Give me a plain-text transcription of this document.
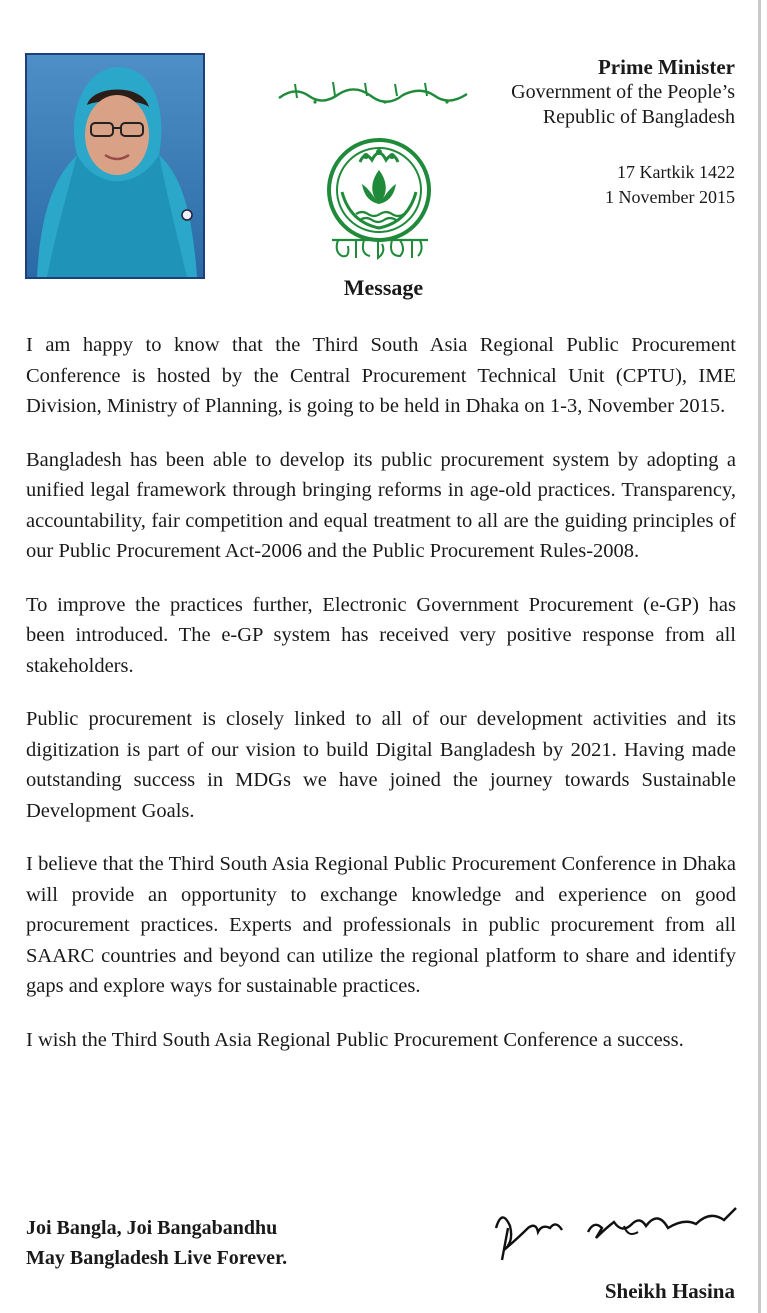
Prime Minister
Government of the People’s
Republic of Bangladesh
17 Kartkik 1422
1 November 2015
Message

I am happy to know that the Third South Asia Regional Public Procurement Conference is hosted by the Central Procurement Technical Unit (CPTU), IME Division, Ministry of Planning, is going to be held in Dhaka on 1-3, November 2015.

Bangladesh has been able to develop its public procurement system by adopting a unified legal framework through bringing reforms in age-old practices. Transparency, accountability, fair competition and equal treatment to all are the guiding principles of our Public Procurement Act-2006 and the Public Procurement Rules-2008.

To improve the practices further, Electronic Government Procurement (e-GP) has been introduced. The e-GP system has received very positive response from all stakeholders.

Public procurement is closely linked to all of our development activities and its digitization is part of our vision to build Digital Bangladesh by 2021. Having made outstanding success in MDGs we have joined the journey towards Sustainable Development Goals.

I believe that the Third South Asia Regional Public Procurement Conference in Dhaka will provide an opportunity to exchange knowledge and experience on good procurement practices. Experts and professionals in public procurement from all SAARC countries and beyond can utilize the regional platform to share and identify gaps and explore ways for sustainable practices.

I wish the Third South Asia Regional Public Procurement Conference a success.

Joi Bangla, Joi Bangabandhu
May Bangladesh Live Forever.
Sheikh Hasina
